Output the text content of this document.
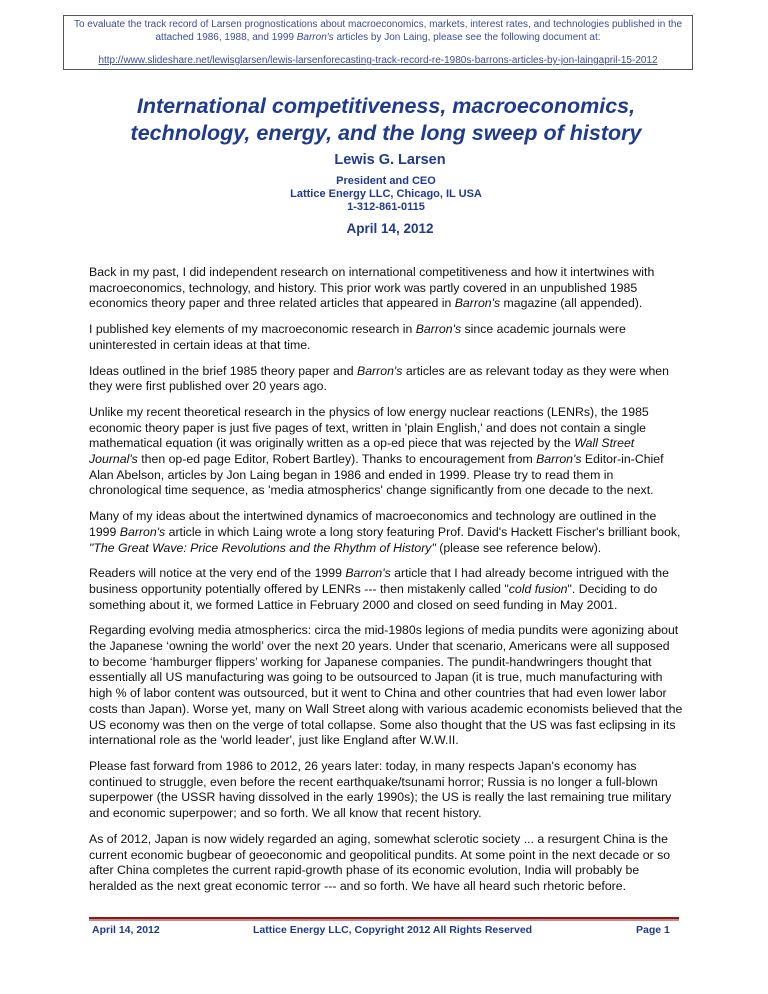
To evaluate the track record of Larsen prognostications about macroeconomics, markets, interest rates, and technologies published in the attached 1986, 1988, and 1999 Barron's articles by Jon Laing, please see the following document at:
http://www.slideshare.net/lewisglarsen/lewis-larsenforecasting-track-record-re-1980s-barrons-articles-by-jon-laingapril-15-2012
International competitiveness, macroeconomics, technology, energy, and the long sweep of history
Lewis G. Larsen
President and CEO
Lattice Energy LLC, Chicago, IL USA
1-312-861-0115
April 14, 2012

Back in my past, I did independent research on international competitiveness and how it intertwines with macroeconomics, technology, and history. This prior work was partly covered in an unpublished 1985 economics theory paper and three related articles that appeared in Barron's magazine (all appended).

I published key elements of my macroeconomic research in Barron's since academic journals were uninterested in certain ideas at that time.

Ideas outlined in the brief 1985 theory paper and Barron's articles are as relevant today as they were when they were first published over 20 years ago.

Unlike my recent theoretical research in the physics of low energy nuclear reactions (LENRs), the 1985 economic theory paper is just five pages of text, written in 'plain English,' and does not contain a single mathematical equation (it was originally written as a op-ed piece that was rejected by the Wall Street Journal's then op-ed page Editor, Robert Bartley). Thanks to encouragement from Barron's Editor-in-Chief Alan Abelson, articles by Jon Laing began in 1986 and ended in 1999. Please try to read them in chronological time sequence, as 'media atmospherics' change significantly from one decade to the next.

Many of my ideas about the intertwined dynamics of macroeconomics and technology are outlined in the 1999 Barron's article in which Laing wrote a long story featuring Prof. David's Hackett Fischer's brilliant book, "The Great Wave: Price Revolutions and the Rhythm of History" (please see reference below).

Readers will notice at the very end of the 1999 Barron's article that I had already become intrigued with the business opportunity potentially offered by LENRs --- then mistakenly called "cold fusion". Deciding to do something about it, we formed Lattice in February 2000 and closed on seed funding in May 2001.

Regarding evolving media atmospherics: circa the mid-1980s legions of media pundits were agonizing about the Japanese ‘owning the world’ over the next 20 years. Under that scenario, Americans were all supposed to become ‘hamburger flippers’ working for Japanese companies. The pundit-handwringers thought that essentially all US manufacturing was going to be outsourced to Japan (it is true, much manufacturing with high % of labor content was outsourced, but it went to China and other countries that had even lower labor costs than Japan). Worse yet, many on Wall Street along with various academic economists believed that the US economy was then on the verge of total collapse. Some also thought that the US was fast eclipsing in its international role as the 'world leader', just like England after W.W.II.

Please fast forward from 1986 to 2012, 26 years later: today, in many respects Japan's economy has continued to struggle, even before the recent earthquake/tsunami horror; Russia is no longer a full-blown superpower (the USSR having dissolved in the early 1990s); the US is really the last remaining true military and economic superpower; and so forth. We all know that recent history.

As of 2012, Japan is now widely regarded an aging, somewhat sclerotic society ... a resurgent China is the current economic bugbear of geoeconomic and geopolitical pundits. At some point in the next decade or so after China completes the current rapid-growth phase of its economic evolution, India will probably be heralded as the next great economic terror --- and so forth. We have all heard such rhetoric before.

April 14, 2012	Lattice Energy LLC, Copyright 2012 All Rights Reserved	Page 1
